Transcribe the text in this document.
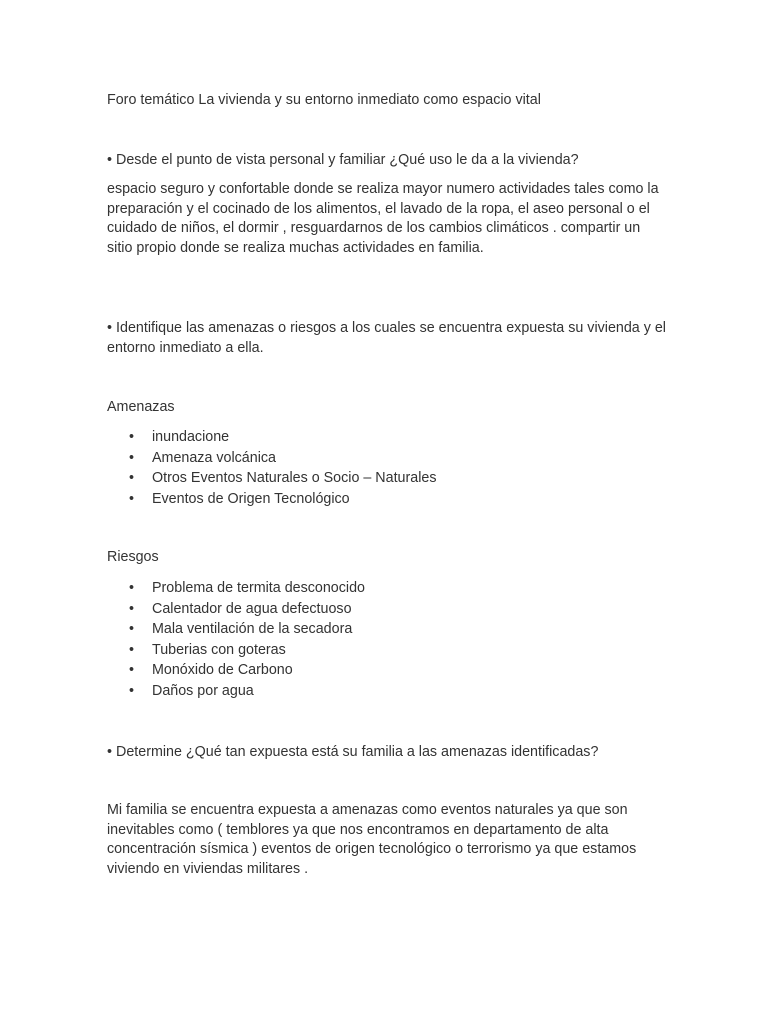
Foro temático La vivienda y su entorno inmediato como espacio vital

• Desde el punto de vista personal y familiar ¿Qué uso le da a la vivienda?

espacio seguro y confortable donde se realiza mayor numero actividades tales como la preparación y el cocinado de los alimentos, el lavado de la ropa, el aseo personal o el cuidado de niños, el dormir , resguardarnos de los cambios climáticos . compartir un sitio propio donde se realiza muchas actividades en familia.

• Identifique las amenazas o riesgos a los cuales se encuentra expuesta su vivienda y el entorno inmediato a ella.

Amenazas

• inundacione
• Amenaza volcánica
• Otros Eventos Naturales o Socio – Naturales
• Eventos de Origen Tecnológico

Riesgos

• Problema de termita desconocido
• Calentador de agua defectuoso
• Mala ventilación de la secadora
• Tuberias con goteras
• Monóxido de Carbono
• Daños por agua

• Determine ¿Qué tan expuesta está su familia a las amenazas identificadas?

Mi familia se encuentra expuesta a amenazas como eventos naturales ya que son inevitables como ( temblores ya que nos encontramos en departamento de alta concentración sísmica ) eventos de origen tecnológico o terrorismo ya que estamos viviendo en viviendas militares .
